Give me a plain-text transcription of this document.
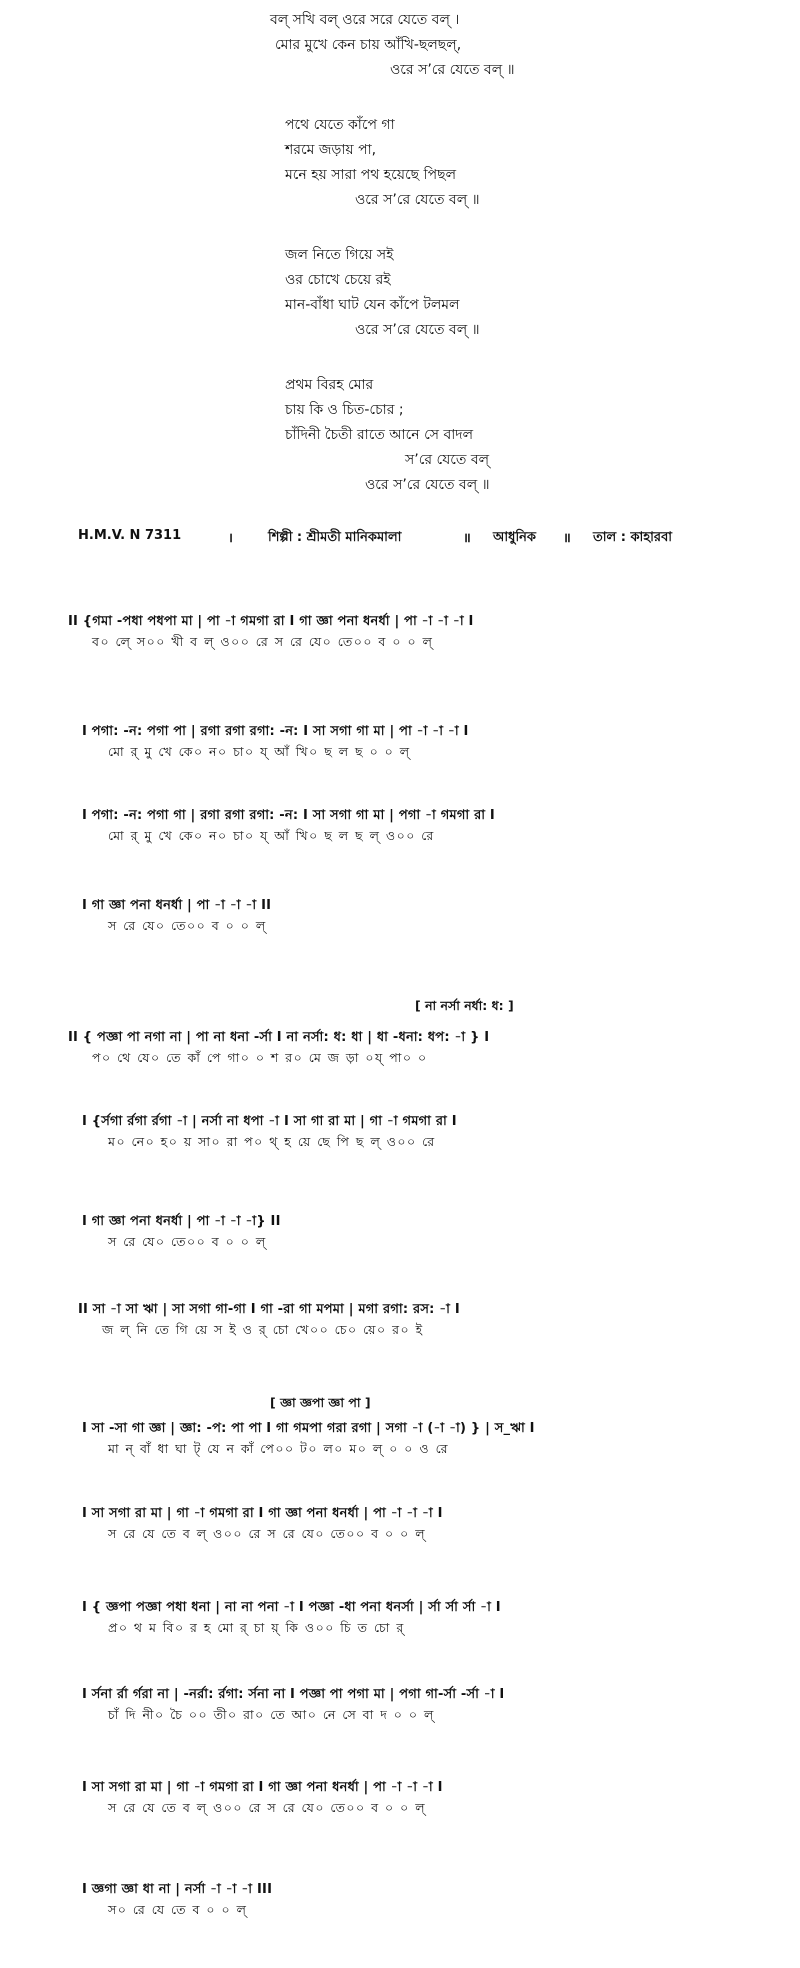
বল্ সখি বল্ ওরে সরে যেতে বল্ ।
মোর মুখে কেন চায় আঁখি-ছলছল্,
ওরে স’রে যেতে বল্ ॥
পথে যেতে কাঁপে গা
শরমে জড়ায় পা,
মনে হয় সারা পথ হয়েছে পিছল
ওরে স’রে যেতে বল্ ॥
জল নিতে গিয়ে সই
ওর চোখে চেয়ে রই
মান-বাঁধা ঘাট যেন কাঁপে টলমল
ওরে স’রে যেতে বল্ ॥
প্রথম বিরহ মোর
চায় কি ও চিত-চোর ;
চাঁদিনী চৈতী রাতে আনে সে বাদল
স’রে যেতে বল্
ওরে স’রে যেতে বল্ ॥
H.M.V. N 7311	।	শিল্পী : শ্রীমতী মানিকমালা	॥	আধুনিক	॥	তাল : কাহারবা
II {গমা -পধা পধপা মা | পা -া গমগা রা I গা জ্ঞা পনা ধনর্ধা | পা -া -া -া I
ব০ লে্ স০০ খী ব ল্ ও০০ রে স রে যে০ তে০০ ব ০ ০ ল্
I পগা: -ন: পগা পা | রগা রগা রগা: -ন: I সা সগা গা মা | পা -া -া -া I
মো র্ মু খে কে০ ন০ চা০ য্ আঁ খি০ ছ ল ছ ০ ০ ল্
I পগা: -ন: পগা গা | রগা রগা রগা: -ন: I সা সগা গা মা | পগা -া গমগা রা I
মো র্ মু খে কে০ ন০ চা০ য্ আঁ খি০ ছ ল ছ ল্ ও০০ রে
I গা জ্ঞা পনা ধনর্ধা | পা -া -া -া II
স রে যে০ তে০০ ব ০ ০ ল্
[ না নর্সা নর্ধা: ধ: ]
II { পজ্ঞা পা নগা না | পা না ধনা -র্সা I না নর্সা: ধ: ধা | ধা -ধনা: ধপ: -া } I
প০ থে যে০ তে কাঁ পে গা০ ০ শ র০ মে জ ড়া ০য্ পা০ ০
I {র্সগা র্রগা র্রগা -া | নর্সা না ধপা -া I সা গা রা মা | গা -া গমগা রা I
ম০ নে০ হ০ য় সা০ রা প০ থ্ হ য়ে ছে পি ছ ল্ ও০০ রে
I গা জ্ঞা পনা ধনর্ধা | পা -া -া -া} II
স রে যে০ তে০০ ব ০ ০ ল্
II সা -া সা ঋা | সা সগা গা-গা I গা -রা গা মপমা | মগা রগা: রস: -া I
জ ল্ নি তে গি য়ে স ই ও র্ চো খে০০ চে০ য়ে০ র০ ই
[ জ্ঞা জ্ঞপা জ্ঞা পা ]
I সা -সা গা জ্ঞা | জ্ঞা: -প: পা পা I গা গমপা গরা রগা | সগা -া (-া -া) } | স_ঋা I
মা ন্ বাঁ ধা ঘা ট্ যে ন কাঁ পে০০ ট০ ল০ ম০ ল্ ০ ০ ও রে
I সা সগা রা মা | গা -া গমগা রা I গা জ্ঞা পনা ধনর্ধা | পা -া -া -া I
স রে যে তে ব ল্ ও০০ রে স রে যে০ তে০০ ব ০ ০ ল্
I { জ্ঞপা পজ্ঞা পধা ধনা | না না পনা -া I পজ্ঞা -ধা পনা ধনর্সা | র্সা র্সা র্সা -া I
প্র০ থ ম বি০ র হ মো র্ চা য়্ কি ও০০ চি ত চো র্
I র্সনা র্রা র্গরা না | -নর্রা: র্রগা: র্সনা না I পজ্ঞা পা পগা মা | পগা গা-র্সা -র্সা -া I
চাঁ দি নী০ চৈ ০০ তী০ রা০ তে আ০ নে সে বা দ ০ ০ ল্
I সা সগা রা মা | গা -া গমগা রা I গা জ্ঞা পনা ধনর্ধা | পা -া -া -া I
স রে যে তে ব ল্ ও০০ রে স রে যে০ তে০০ ব ০ ০ ল্
I জ্ঞগা জ্ঞা ধা না | নর্সা -া -া -া III
স০ রে যে তে ব ০ ০ ল্
